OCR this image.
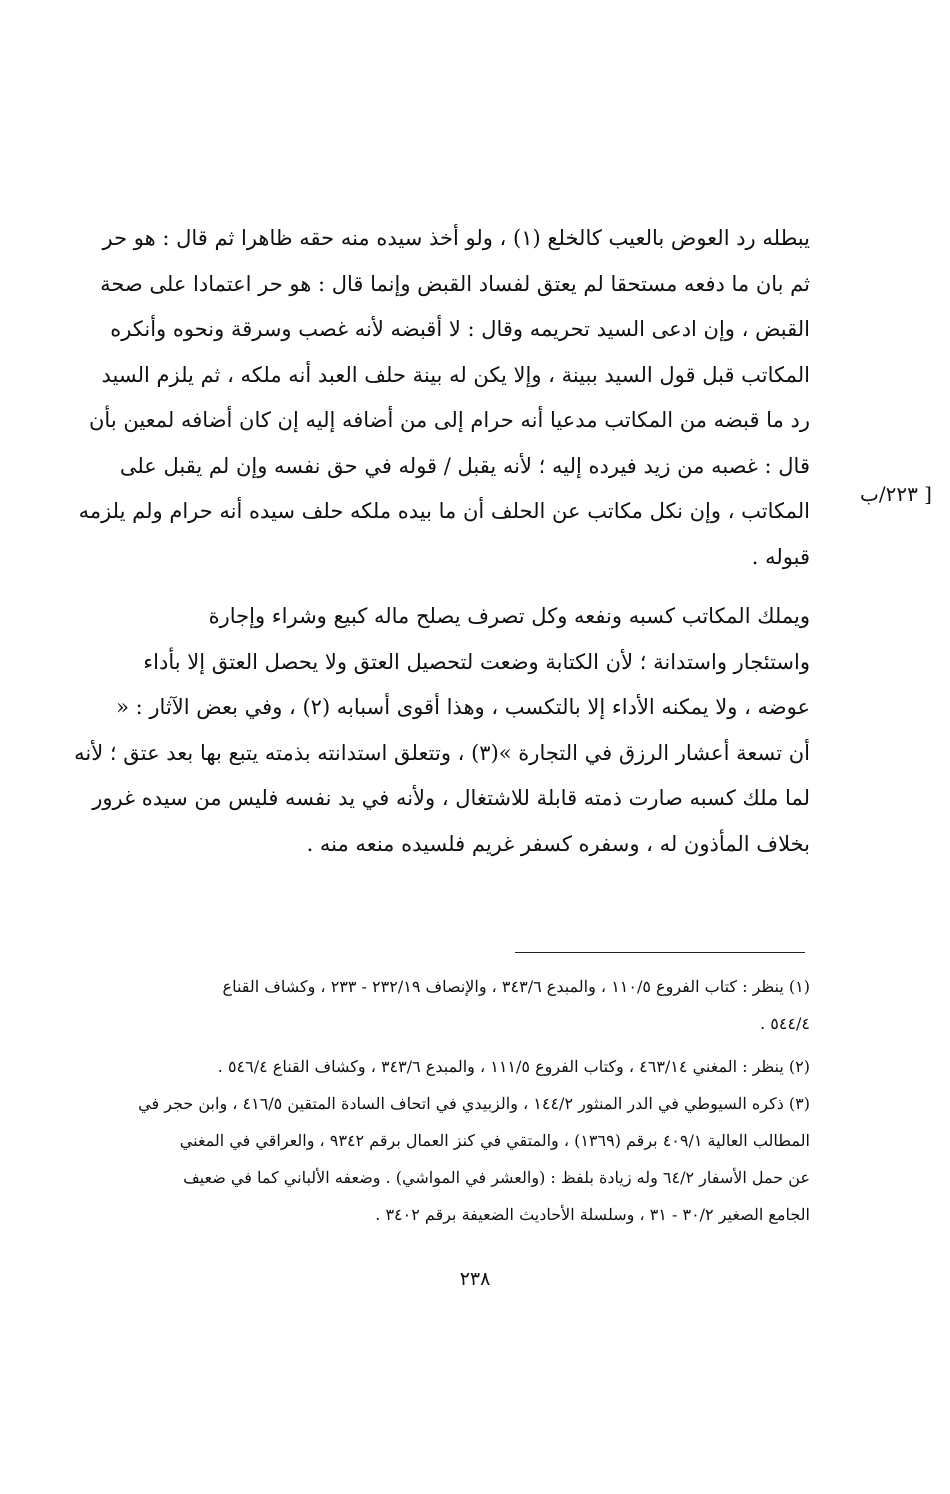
[ ٢٢٣/ب
يبطله رد العوض بالعيب كالخلع (١) ، ولو أخذ سيده منه حقه ظاهرا ثم قال : هو حر
ثم بان ما دفعه مستحقا لم يعتق لفساد القبض وإنما قال : هو حر اعتمادا على صحة
القبض ، وإن ادعى السيد تحريمه وقال : لا أقبضه لأنه غصب وسرقة ونحوه وأنكره
المكاتب قبل قول السيد ببينة ، وإلا يكن له بينة حلف العبد أنه ملكه ، ثم يلزم السيد
رد ما قبضه من المكاتب مدعيا أنه حرام إلى من أضافه إليه إن كان أضافه لمعين بأن
قال : غصبه من زيد فيرده إليه ؛ لأنه يقبل / قوله في حق نفسه وإن لم يقبل على
المكاتب ، وإن نكل مكاتب عن الحلف أن ما بيده ملكه حلف سيده أنه حرام ولم يلزمه
قبوله .
ويملك المكاتب كسبه ونفعه وكل تصرف يصلح ماله كبيع وشراء وإجارة
واستئجار واستدانة ؛ لأن الكتابة وضعت لتحصيل العتق ولا يحصل العتق إلا بأداء
عوضه ، ولا يمكنه الأداء إلا بالتكسب ، وهذا أقوى أسبابه (٢) ، وفي بعض الآثار : «
أن تسعة أعشار الرزق في التجارة »(٣) ، وتتعلق استدانته بذمته يتبع بها بعد عتق ؛ لأنه
لما ملك كسبه صارت ذمته قابلة للاشتغال ، ولأنه في يد نفسه فليس من سيده غرور
بخلاف المأذون له ، وسفره كسفر غريم فلسيده منعه منه .
(١) ينظر : كتاب الفروع ١١٠/٥ ، والمبدع ٣٤٣/٦ ، والإنصاف ٢٣٢/١٩ - ٢٣٣ ، وكشاف القناع
٥٤٤/٤ .
(٢) ينظر : المغني ٤٦٣/١٤ ، وكتاب الفروع ١١١/٥ ، والمبدع ٣٤٣/٦ ، وكشاف القناع ٥٤٦/٤ .
(٣) ذكره السيوطي في الدر المنثور ١٤٤/٢ ، والزبيدي في اتحاف السادة المتقين ٤١٦/٥ ، وابن حجر في
المطالب العالية ٤٠٩/١ برقم (١٣٦٩) ، والمتقي في كنز العمال برقم ٩٣٤٢ ، والعراقي في المغني
عن حمل الأسفار ٦٤/٢ وله زيادة بلفظ : (والعشر في المواشي) . وضعفه الألباني كما في ضعيف
الجامع الصغير ٣٠/٢ - ٣١ ، وسلسلة الأحاديث الضعيفة برقم ٣٤٠٢ .
٢٣٨
